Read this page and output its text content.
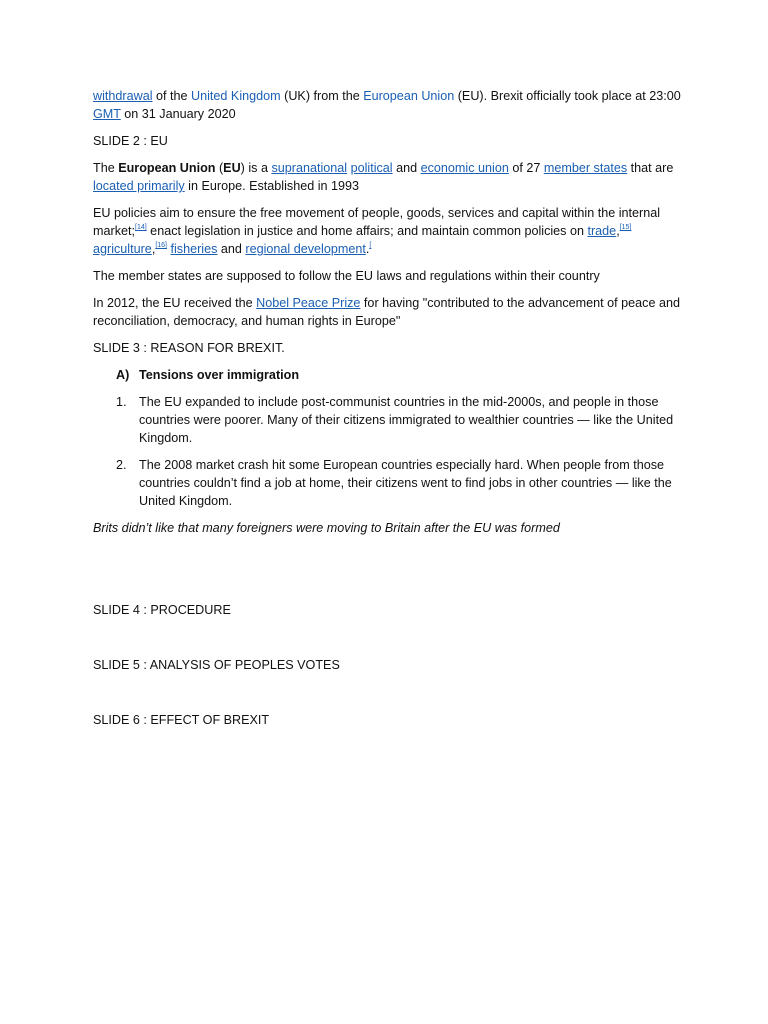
withdrawal of the United Kingdom (UK) from the European Union (EU). Brexit officially took place at 23:00 GMT on 31 January 2020

SLIDE 2 : EU

The European Union (EU) is a supranational political and economic union of 27 member states that are located primarily in Europe. Established in 1993

EU policies aim to ensure the free movement of people, goods, services and capital within the internal market;[14] enact legislation in justice and home affairs; and maintain common policies on trade,[15] agriculture,[16] fisheries and regional development.[

The member states are supposed to follow the EU laws and regulations within their country

In 2012, the EU received the Nobel Peace Prize for having "contributed to the advancement of peace and reconciliation, democracy, and human rights in Europe"

SLIDE 3 : REASON FOR BREXIT.

A) Tensions over immigration

1. The EU expanded to include post-communist countries in the mid-2000s, and people in those countries were poorer. Many of their citizens immigrated to wealthier countries — like the United Kingdom.

2. The 2008 market crash hit some European countries especially hard. When people from those countries couldn’t find a job at home, their citizens went to find jobs in other countries — like the United Kingdom.

Brits didn’t like that many foreigners were moving to Britain after the EU was formed

SLIDE 4 : PROCEDURE

SLIDE 5 : ANALYSIS OF PEOPLES VOTES

SLIDE 6 : EFFECT OF BREXIT
